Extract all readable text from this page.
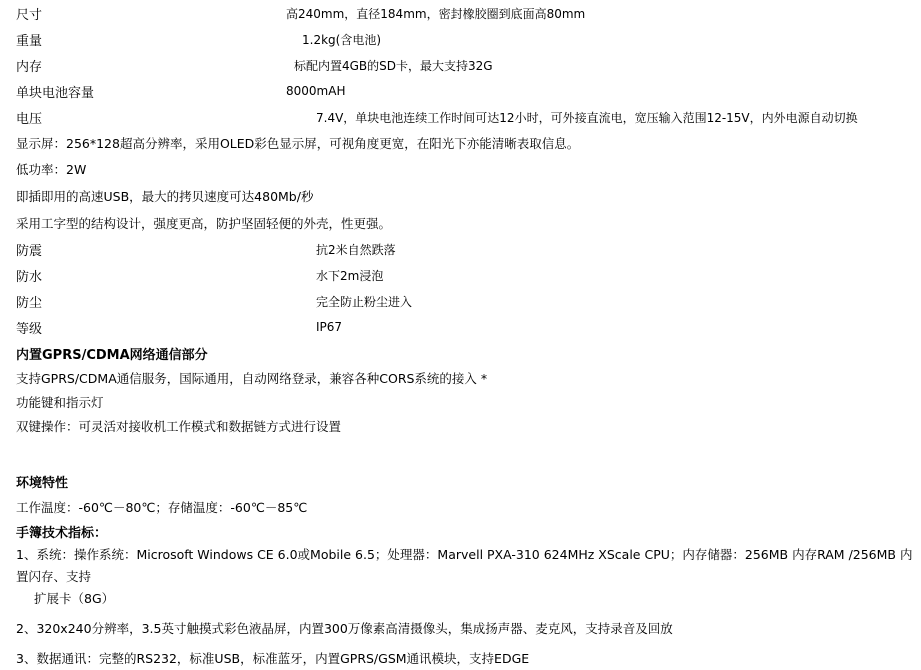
尺寸	高240mm，直径184mm，密封橡胶圈到底面高80mm
重量	1.2kg(含电池)
内存	标配内置4GB的SD卡，最大支持32G
单块电池容量	8000mAH
电压	7.4V，单块电池连续工作时间可达12小时，可外接直流电，宽压输入范围12-15V，内外电源自动切换
显示屏：256*128超高分辨率，采用OLED彩色显示屏，可视角度更宽，在阳光下亦能清晰表取信息。
低功率：2W
即插即用的高速USB，最大的拷贝速度可达480Mb/秒
采用工字型的结构设计，强度更高，防护坚固轻便的外壳，性更强。
防震	抗2米自然跌落
防水	水下2m浸泡
防尘	完全防止粉尘进入
等级	IP67
内置GPRS/CDMA网络通信部分
支持GPRS/CDMA通信服务，国际通用，自动网络登录，兼容各种CORS系统的接入 *
功能键和指示灯
双键操作：可灵活对接收机工作模式和数据链方式进行设置
环境特性
工作温度：-60℃－80℃；存储温度：-60℃－85℃
手簿技术指标：
1、系统：操作系统：Microsoft Windows CE 6.0或Mobile 6.5；处理器：Marvell PXA-310 624MHz XScale CPU；内存储器：256MB 内存RAM /256MB 内置闪存、支持
扩展卡（8G）
2、320x240分辨率，3.5英寸触摸式彩色液晶屏，内置300万像素高清摄像头，集成扬声器、麦克风，支持录音及回放
3、数据通讯：完整的RS232，标准USB，标准蓝牙，内置GPRS/GSM通讯模块，支持EDGE
